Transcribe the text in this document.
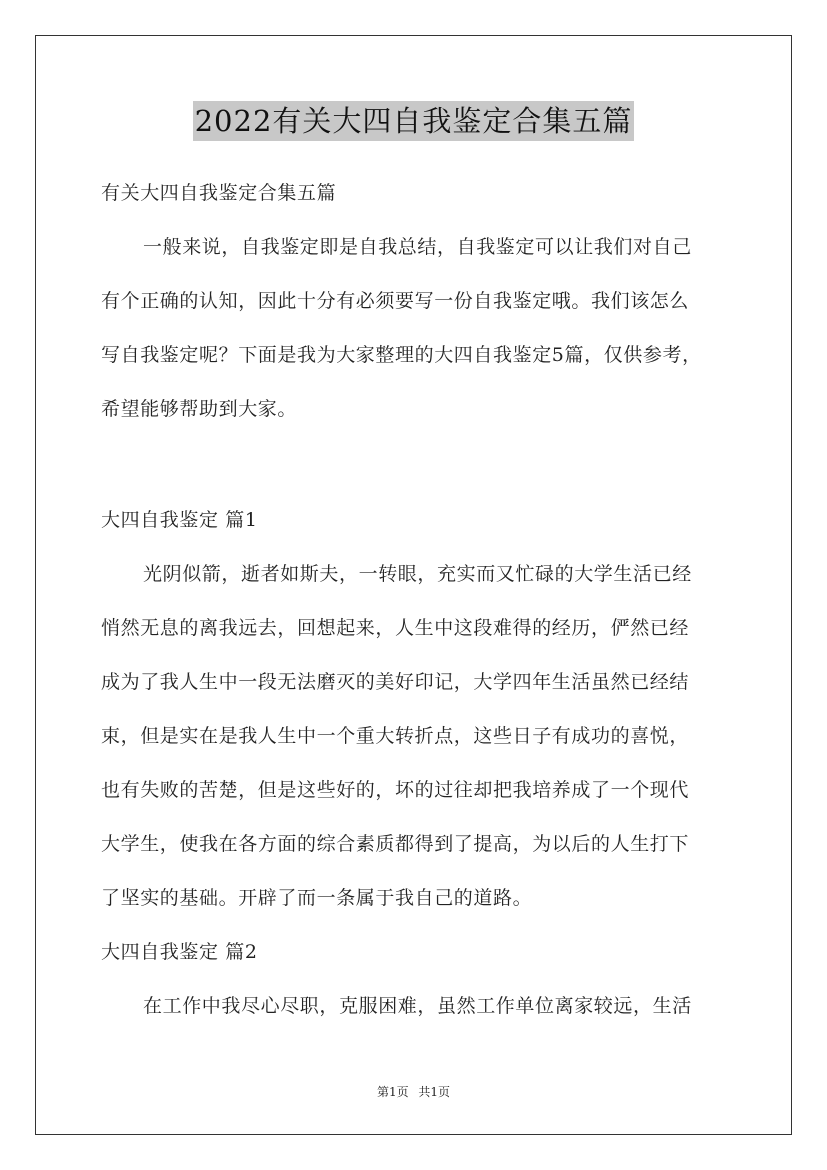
2022有关大四自我鉴定合集五篇
有关大四自我鉴定合集五篇
一般来说，自我鉴定即是自我总结，自我鉴定可以让我们对自己
有个正确的认知，因此十分有必须要写一份自我鉴定哦。我们该怎么
写自我鉴定呢？下面是我为大家整理的大四自我鉴定5篇，仅供参考，
希望能够帮助到大家。
大四自我鉴定 篇1
光阴似箭，逝者如斯夫，一转眼，充实而又忙碌的大学生活已经
悄然无息的离我远去，回想起来，人生中这段难得的经历，俨然已经
成为了我人生中一段无法磨灭的美好印记，大学四年生活虽然已经结
束，但是实在是我人生中一个重大转折点，这些日子有成功的喜悦，
也有失败的苦楚，但是这些好的，坏的过往却把我培养成了一个现代
大学生，使我在各方面的综合素质都得到了提高，为以后的人生打下
了坚实的基础。开辟了而一条属于我自己的道路。
大四自我鉴定 篇2
在工作中我尽心尽职，克服困难，虽然工作单位离家较远，生活
第1页 共1页
